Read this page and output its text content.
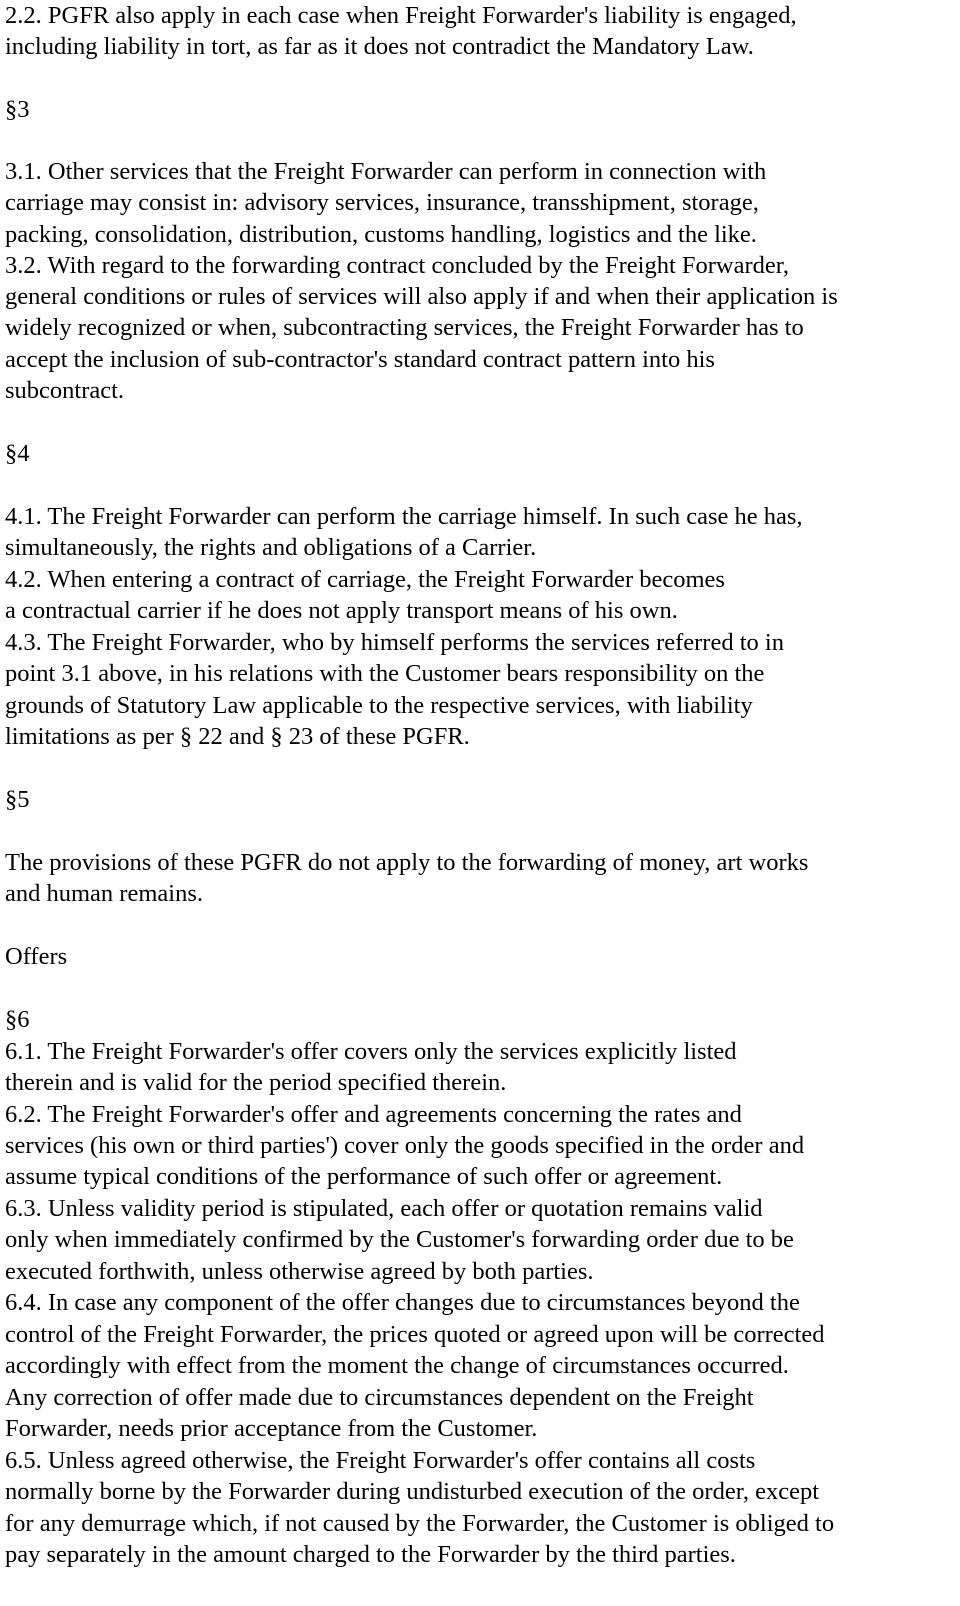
2.2. PGFR also apply in each case when Freight Forwarder's liability is engaged,
including liability in tort, as far as it does not contradict the Mandatory Law.
§3
3.1. Other services that the Freight Forwarder can perform in connection with
carriage may consist in: advisory services, insurance, transshipment, storage,
packing, consolidation, distribution, customs handling, logistics and the like.
3.2. With regard to the forwarding contract concluded by the Freight Forwarder,
general conditions or rules of services will also apply if and when their application is
widely recognized or when, subcontracting services, the Freight Forwarder has to
accept the inclusion of sub-contractor's standard contract pattern into his
subcontract.
§4
4.1. The Freight Forwarder can perform the carriage himself. In such case he has,
simultaneously, the rights and obligations of a Carrier.
4.2. When entering a contract of carriage, the Freight Forwarder becomes
a contractual carrier if he does not apply transport means of his own.
4.3. The Freight Forwarder, who by himself performs the services referred to in
point 3.1 above, in his relations with the Customer bears responsibility on the
grounds of Statutory Law applicable to the respective services, with liability
limitations as per § 22 and § 23 of these PGFR.
§5
The provisions of these PGFR do not apply to the forwarding of money, art works
and human remains.
Offers
§6
6.1. The Freight Forwarder's offer covers only the services explicitly listed
therein and is valid for the period specified therein.
6.2. The Freight Forwarder's offer and agreements concerning the rates and
services (his own or third parties') cover only the goods specified in the order and
assume typical conditions of the performance of such offer or agreement.
6.3. Unless validity period is stipulated, each offer or quotation remains valid
only when immediately confirmed by the Customer's forwarding order due to be
executed forthwith, unless otherwise agreed by both parties.
6.4. In case any component of the offer changes due to circumstances beyond the
control of the Freight Forwarder, the prices quoted or agreed upon will be corrected
accordingly with effect from the moment the change of circumstances occurred.
Any correction of offer made due to circumstances dependent on the Freight
Forwarder, needs prior acceptance from the Customer.
6.5. Unless agreed otherwise, the Freight Forwarder's offer contains all costs
normally borne by the Forwarder during undisturbed execution of the order, except
for any demurrage which, if not caused by the Forwarder, the Customer is obliged to
pay separately in the amount charged to the Forwarder by the third parties.
